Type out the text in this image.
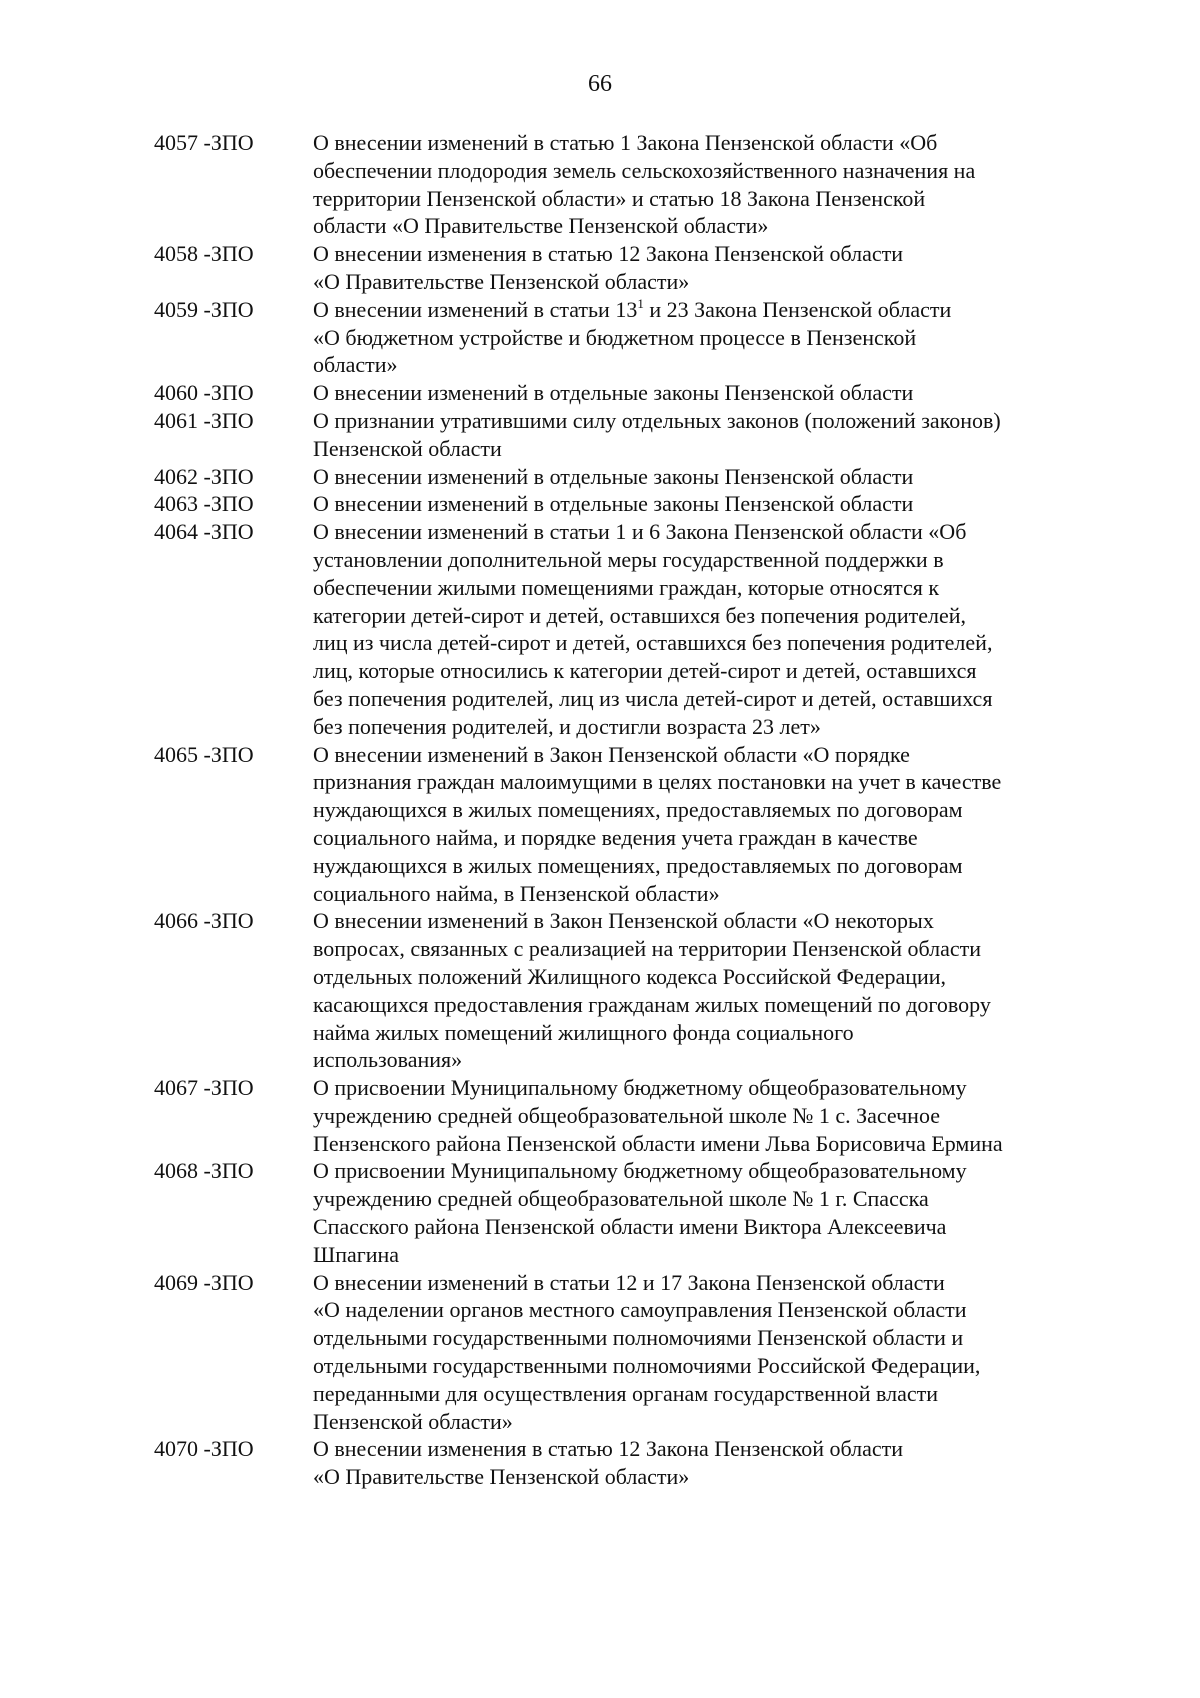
66
4057 -ЗПО	О внесении изменений в статью 1 Закона Пензенской области «Об
обеспечении плодородия земель сельскохозяйственного назначения на
территории Пензенской области» и статью 18 Закона Пензенской
области «О Правительстве Пензенской области»
4058 -ЗПО	О внесении изменения в статью 12 Закона Пензенской области
«О Правительстве Пензенской области»
4059 -ЗПО	О внесении изменений в статьи $13^1$ и 23 Закона Пензенской области
«О бюджетном устройстве и бюджетном процессе в Пензенской
области»
4060 -ЗПО	О внесении изменений в отдельные законы Пензенской области
4061 -ЗПО	О признании утратившими силу отдельных законов (положений законов)
Пензенской области
4062 -ЗПО	О внесении изменений в отдельные законы Пензенской области
4063 -ЗПО	О внесении изменений в отдельные законы Пензенской области
4064 -ЗПО	О внесении изменений в статьи 1 и 6 Закона Пензенской области «Об
установлении дополнительной меры государственной поддержки в
обеспечении жилыми помещениями граждан, которые относятся к
категории детей-сирот и детей, оставшихся без попечения родителей,
лиц из числа детей-сирот и детей, оставшихся без попечения родителей,
лиц, которые относились к категории детей-сирот и детей, оставшихся
без попечения родителей, лиц из числа детей-сирот и детей, оставшихся
без попечения родителей, и достигли возраста 23 лет»
4065 -ЗПО	О внесении изменений в Закон Пензенской области «О порядке
признания граждан малоимущими в целях постановки на учет в качестве
нуждающихся в жилых помещениях, предоставляемых по договорам
социального найма, и порядке ведения учета граждан в качестве
нуждающихся в жилых помещениях, предоставляемых по договорам
социального найма, в Пензенской области»
4066 -ЗПО	О внесении изменений в Закон Пензенской области «О некоторых
вопросах, связанных с реализацией на территории Пензенской области
отдельных положений Жилищного кодекса Российской Федерации,
касающихся предоставления гражданам жилых помещений по договору
найма жилых помещений жилищного фонда социального
использования»
4067 -ЗПО	О присвоении Муниципальному бюджетному общеобразовательному
учреждению средней общеобразовательной школе № 1 с. Засечное
Пензенского района Пензенской области имени Льва Борисовича Ермина
4068 -ЗПО	О присвоении Муниципальному бюджетному общеобразовательному
учреждению средней общеобразовательной школе № 1 г. Спасска
Спасского района Пензенской области имени Виктора Алексеевича
Шпагина
4069 -ЗПО	О внесении изменений в статьи 12 и 17 Закона Пензенской области
«О наделении органов местного самоуправления Пензенской области
отдельными государственными полномочиями Пензенской области и
отдельными государственными полномочиями Российской Федерации,
переданными для осуществления органам государственной власти
Пензенской области»
4070 -ЗПО	О внесении изменения в статью 12 Закона Пензенской области
«О Правительстве Пензенской области»
